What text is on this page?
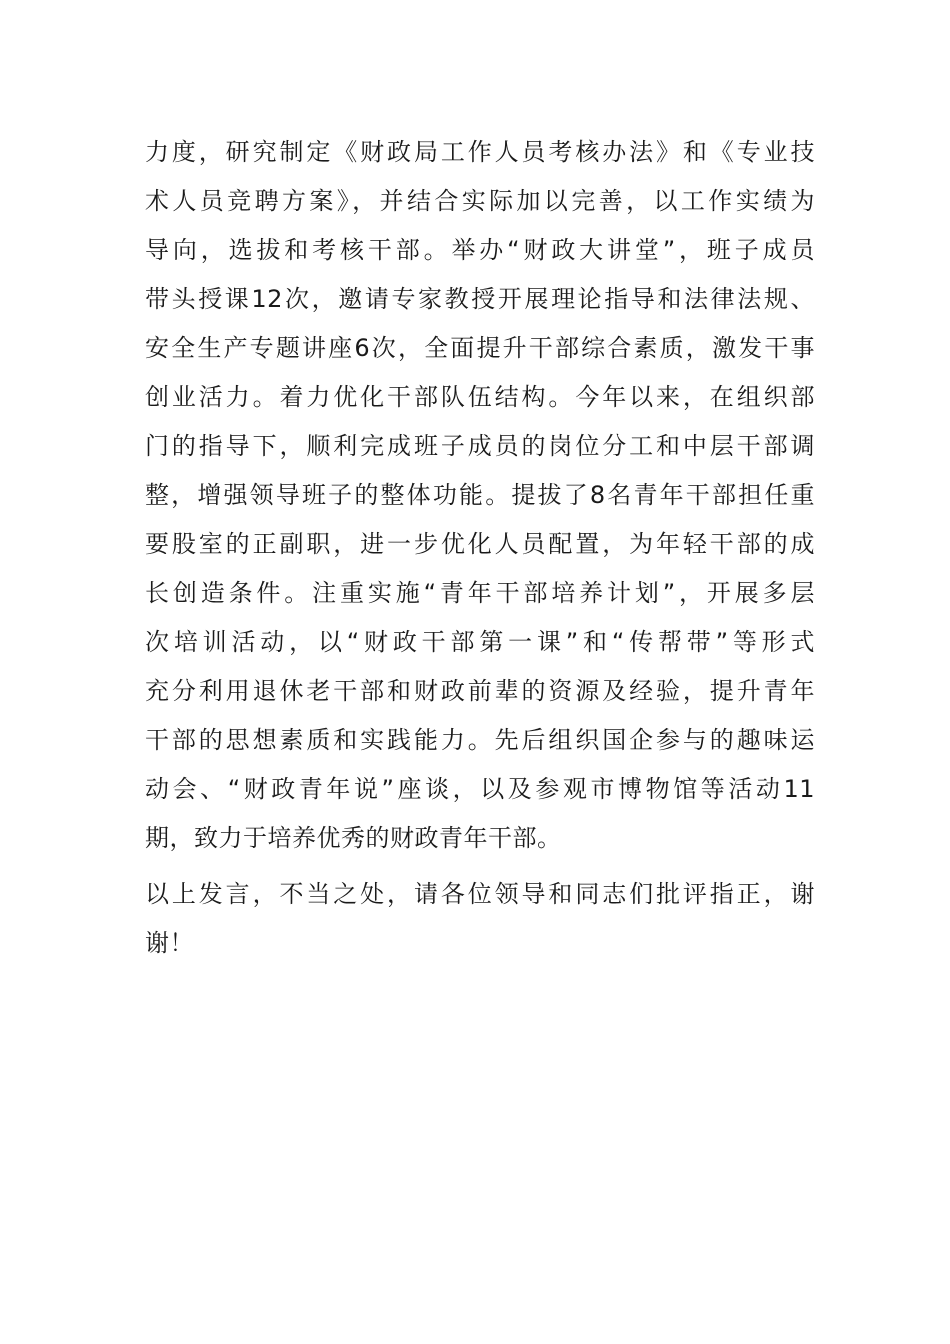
力度，研究制定《财政局工作人员考核办法》和《专业技
术人员竞聘方案》，并结合实际加以完善，以工作实绩为
导向，选拔和考核干部。举办“财政大讲堂”，班子成员
带头授课12次，邀请专家教授开展理论指导和法律法规、
安全生产专题讲座6次，全面提升干部综合素质，激发干事
创业活力。着力优化干部队伍结构。今年以来，在组织部
门的指导下，顺利完成班子成员的岗位分工和中层干部调
整，增强领导班子的整体功能。提拔了8名青年干部担任重
要股室的正副职，进一步优化人员配置，为年轻干部的成
长创造条件。注重实施“青年干部培养计划”，开展多层
次培训活动，以“财政干部第一课”和“传帮带”等形式
充分利用退休老干部和财政前辈的资源及经验，提升青年
干部的思想素质和实践能力。先后组织国企参与的趣味运
动会、“财政青年说”座谈，以及参观市博物馆等活动11
期，致力于培养优秀的财政青年干部。
以上发言，不当之处，请各位领导和同志们批评指正，谢
谢！
